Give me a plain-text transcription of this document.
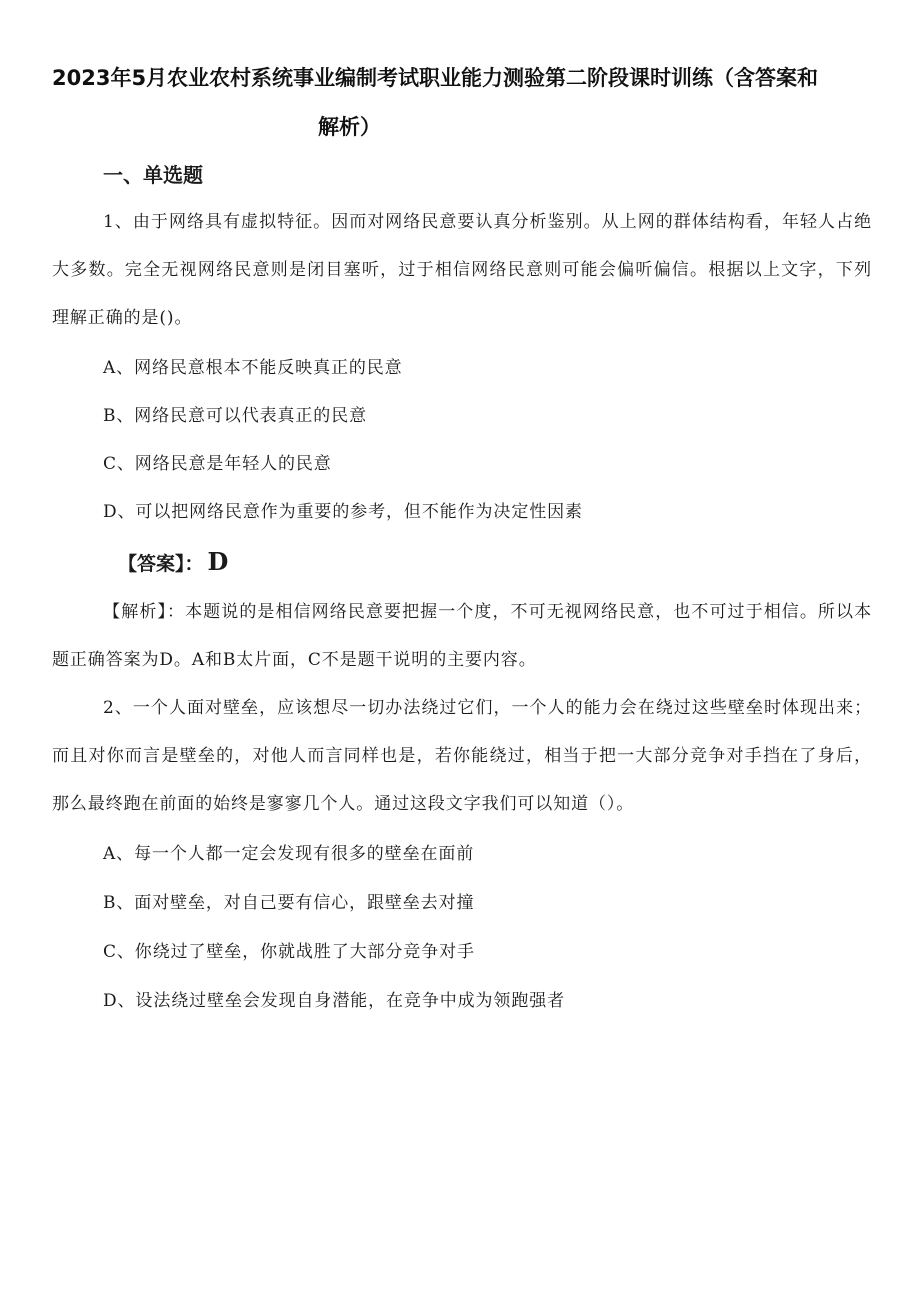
2023年5月农业农村系统事业编制考试职业能力测验第二阶段课时训练（含答案和
解析）
一、单选题
1、由于网络具有虚拟特征。因而对网络民意要认真分析鉴别。从上网的群体结构看，年轻人占绝大多数。完全无视网络民意则是闭目塞听，过于相信网络民意则可能会偏听偏信。根据以上文字，下列理解正确的是()。
A、网络民意根本不能反映真正的民意
B、网络民意可以代表真正的民意
C、网络民意是年轻人的民意
D、可以把网络民意作为重要的参考，但不能作为决定性因素
【答案】： D
【解析】：本题说的是相信网络民意要把握一个度，不可无视网络民意，也不可过于相信。所以本题正确答案为D。A和B太片面，C不是题干说明的主要内容。
2、一个人面对壁垒，应该想尽一切办法绕过它们，一个人的能力会在绕过这些壁垒时体现出来；而且对你而言是壁垒的，对他人而言同样也是，若你能绕过，相当于把一大部分竞争对手挡在了身后，那么最终跑在前面的始终是寥寥几个人。通过这段文字我们可以知道（）。
A、每一个人都一定会发现有很多的壁垒在面前
B、面对壁垒，对自己要有信心，跟壁垒去对撞
C、你绕过了壁垒，你就战胜了大部分竞争对手
D、设法绕过壁垒会发现自身潜能，在竞争中成为领跑强者
